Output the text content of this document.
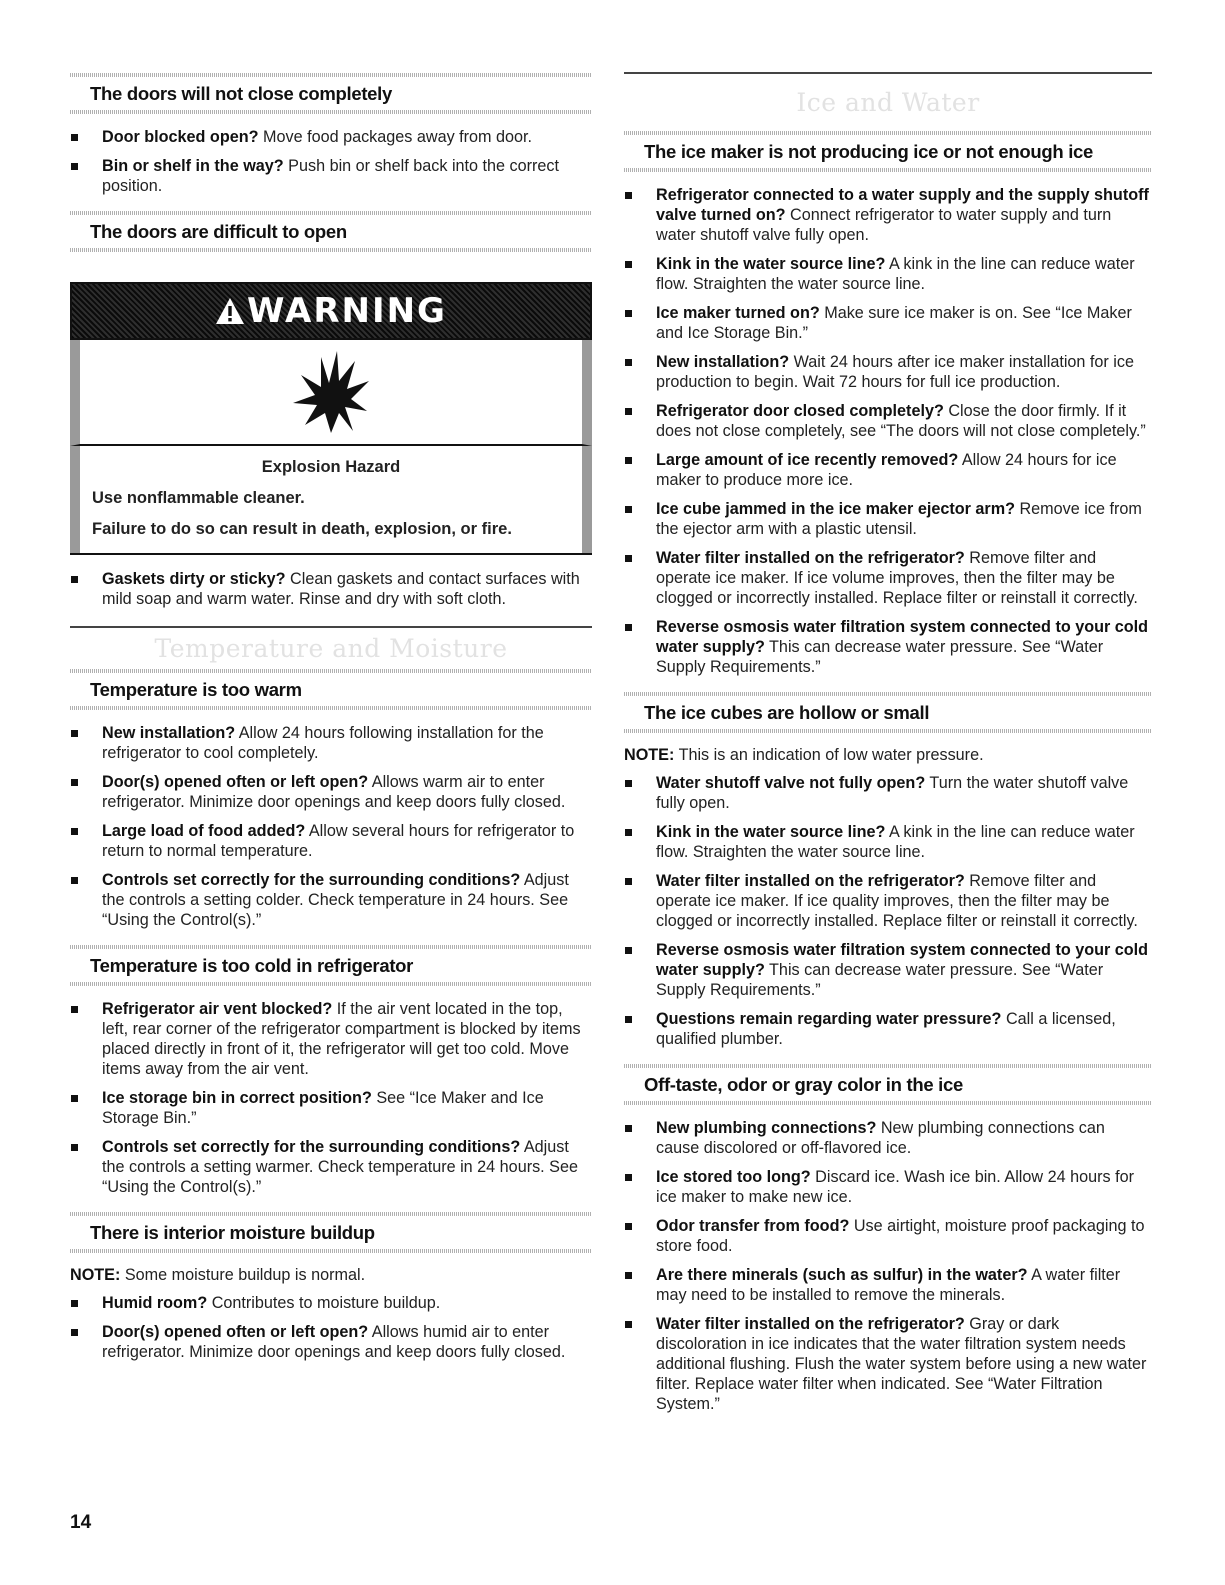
The doors will not close completely
Door blocked open? Move food packages away from door.
Bin or shelf in the way? Push bin or shelf back into the correct position.
The doors are difficult to open
WARNING
Explosion Hazard
Use nonflammable cleaner.
Failure to do so can result in death, explosion, or fire.
Gaskets dirty or sticky? Clean gaskets and contact surfaces with mild soap and warm water. Rinse and dry with soft cloth.
Temperature and Moisture
Temperature is too warm
New installation? Allow 24 hours following installation for the refrigerator to cool completely.
Door(s) opened often or left open? Allows warm air to enter refrigerator. Minimize door openings and keep doors fully closed.
Large load of food added? Allow several hours for refrigerator to return to normal temperature.
Controls set correctly for the surrounding conditions? Adjust the controls a setting colder. Check temperature in 24 hours. See “Using the Control(s).”
Temperature is too cold in refrigerator
Refrigerator air vent blocked? If the air vent located in the top, left, rear corner of the refrigerator compartment is blocked by items placed directly in front of it, the refrigerator will get too cold. Move items away from the air vent.
Ice storage bin in correct position? See “Ice Maker and Ice Storage Bin.”
Controls set correctly for the surrounding conditions? Adjust the controls a setting warmer. Check temperature in 24 hours. See “Using the Control(s).”
There is interior moisture buildup
NOTE: Some moisture buildup is normal.
Humid room? Contributes to moisture buildup.
Door(s) opened often or left open? Allows humid air to enter refrigerator. Minimize door openings and keep doors fully closed.
Ice and Water
The ice maker is not producing ice or not enough ice
Refrigerator connected to a water supply and the supply shutoff valve turned on? Connect refrigerator to water supply and turn water shutoff valve fully open.
Kink in the water source line? A kink in the line can reduce water flow. Straighten the water source line.
Ice maker turned on? Make sure ice maker is on. See “Ice Maker and Ice Storage Bin.”
New installation? Wait 24 hours after ice maker installation for ice production to begin. Wait 72 hours for full ice production.
Refrigerator door closed completely? Close the door firmly. If it does not close completely, see “The doors will not close completely.”
Large amount of ice recently removed? Allow 24 hours for ice maker to produce more ice.
Ice cube jammed in the ice maker ejector arm? Remove ice from the ejector arm with a plastic utensil.
Water filter installed on the refrigerator? Remove filter and operate ice maker. If ice volume improves, then the filter may be clogged or incorrectly installed. Replace filter or reinstall it correctly.
Reverse osmosis water filtration system connected to your cold water supply? This can decrease water pressure. See “Water Supply Requirements.”
The ice cubes are hollow or small
NOTE: This is an indication of low water pressure.
Water shutoff valve not fully open? Turn the water shutoff valve fully open.
Kink in the water source line? A kink in the line can reduce water flow. Straighten the water source line.
Water filter installed on the refrigerator? Remove filter and operate ice maker. If ice quality improves, then the filter may be clogged or incorrectly installed. Replace filter or reinstall it correctly.
Reverse osmosis water filtration system connected to your cold water supply? This can decrease water pressure. See “Water Supply Requirements.”
Questions remain regarding water pressure? Call a licensed, qualified plumber.
Off-taste, odor or gray color in the ice
New plumbing connections? New plumbing connections can cause discolored or off-flavored ice.
Ice stored too long? Discard ice. Wash ice bin. Allow 24 hours for ice maker to make new ice.
Odor transfer from food? Use airtight, moisture proof packaging to store food.
Are there minerals (such as sulfur) in the water? A water filter may need to be installed to remove the minerals.
Water filter installed on the refrigerator? Gray or dark discoloration in ice indicates that the water filtration system needs additional flushing. Flush the water system before using a new water filter. Replace water filter when indicated. See “Water Filtration System.”
14
